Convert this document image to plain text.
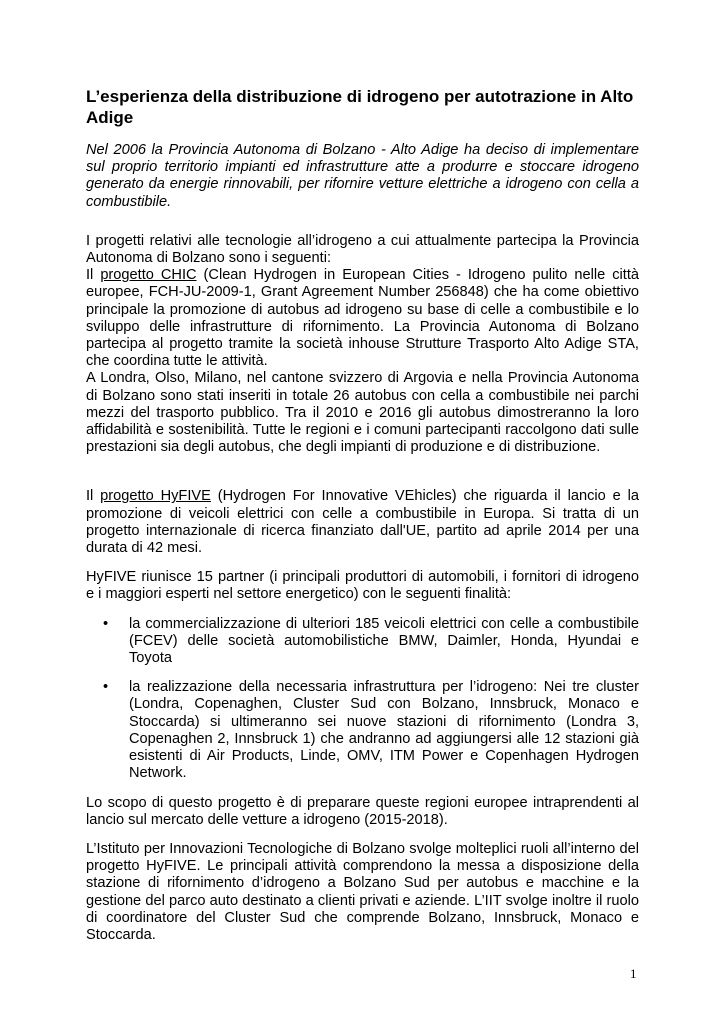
L’esperienza della distribuzione di idrogeno per autotrazione in Alto Adige

Nel 2006 la Provincia Autonoma di Bolzano - Alto Adige ha deciso di implementare sul proprio territorio impianti ed infrastrutture atte a produrre e stoccare idrogeno generato da energie rinnovabili, per rifornire vetture elettriche a idrogeno con cella a combustibile.

I progetti relativi alle tecnologie all’idrogeno a cui attualmente partecipa la Provincia Autonoma di Bolzano sono i seguenti:

Il progetto CHIC (Clean Hydrogen in European Cities - Idrogeno pulito nelle città europee, FCH-JU-2009-1, Grant Agreement Number 256848) che ha come obiettivo principale la promozione di autobus ad idrogeno su base di celle a combustibile e lo sviluppo delle infrastrutture di rifornimento. La Provincia Autonoma di Bolzano partecipa al progetto tramite la società inhouse Strutture Trasporto Alto Adige STA, che coordina tutte le attività.

A Londra, Olso, Milano, nel cantone svizzero di Argovia e nella Provincia Autonoma di Bolzano sono stati inseriti in totale 26 autobus con cella a combustibile nei parchi mezzi del trasporto pubblico. Tra il 2010 e 2016 gli autobus dimostreranno la loro affidabilità e sostenibilità. Tutte le regioni e i comuni partecipanti raccolgono dati sulle prestazioni sia degli autobus, che degli impianti di produzione e di distribuzione.

Il progetto HyFIVE (Hydrogen For Innovative VEhicles) che riguarda il lancio e la promozione di veicoli elettrici con celle a combustibile in Europa. Si tratta di un progetto internazionale di ricerca finanziato dall'UE, partito ad aprile 2014 per una durata di 42 mesi.

HyFIVE riunisce 15 partner (i principali produttori di automobili, i fornitori di idrogeno e i maggiori esperti nel settore energetico) con le seguenti finalità:

• la commercializzazione di ulteriori 185 veicoli elettrici con celle a combustibile (FCEV) delle società automobilistiche BMW, Daimler, Honda, Hyundai e Toyota
• la realizzazione della necessaria infrastruttura per l’idrogeno: Nei tre cluster (Londra, Copenaghen, Cluster Sud con Bolzano, Innsbruck, Monaco e Stoccarda) si ultimeranno sei nuove stazioni di rifornimento (Londra 3, Copenaghen 2, Innsbruck 1) che andranno ad aggiungersi alle 12 stazioni già esistenti di Air Products, Linde, OMV, ITM Power e Copenhagen Hydrogen Network.

Lo scopo di questo progetto è di preparare queste regioni europee intraprendenti al lancio sul mercato delle vetture a idrogeno (2015-2018).

L’Istituto per Innovazioni Tecnologiche di Bolzano svolge molteplici ruoli all’interno del progetto HyFIVE. Le principali attività comprendono la messa a disposizione della stazione di rifornimento d’idrogeno a Bolzano Sud per autobus e macchine e la gestione del parco auto destinato a clienti privati e aziende. L’IIT svolge inoltre il ruolo di coordinatore del Cluster Sud che comprende Bolzano, Innsbruck, Monaco e Stoccarda.

1
